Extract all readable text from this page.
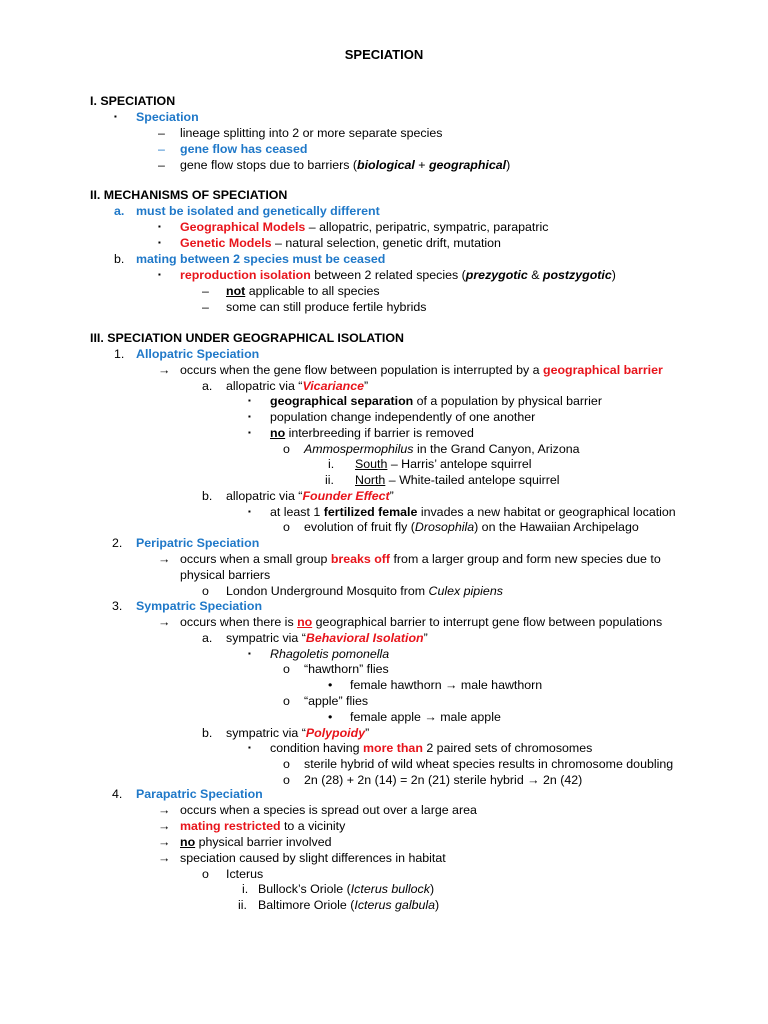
SPECIATION
I. SPECIATION
▪ Speciation
– lineage splitting into 2 or more separate species
– gene flow has ceased
– gene flow stops due to barriers (biological + geographical)
II. MECHANISMS OF SPECIATION
a. must be isolated and genetically different
▪ Geographical Models – allopatric, peripatric, sympatric, parapatric
▪ Genetic Models – natural selection, genetic drift, mutation
b. mating between 2 species must be ceased
▪ reproduction isolation between 2 related species (prezygotic & postzygotic)
– not applicable to all species
– some can still produce fertile hybrids
III. SPECIATION UNDER GEOGRAPHICAL ISOLATION
1. Allopatric Speciation
→ occurs when the gene flow between population is interrupted by a geographical barrier
a. allopatric via “Vicariance”
▪ geographical separation of a population by physical barrier
▪ population change independently of one another
▪ no interbreeding if barrier is removed
o Ammospermophilus in the Grand Canyon, Arizona
i. South – Harris’ antelope squirrel
ii. North – White-tailed antelope squirrel
b. allopatric via “Founder Effect”
▪ at least 1 fertilized female invades a new habitat or geographical location
o evolution of fruit fly (Drosophila) on the Hawaiian Archipelago
2. Peripatric Speciation
→ occurs when a small group breaks off from a larger group and form new species due to
physical barriers
o London Underground Mosquito from Culex pipiens
3. Sympatric Speciation
→ occurs when there is no geographical barrier to interrupt gene flow between populations
a. sympatric via “Behavioral Isolation”
▪ Rhagoletis pomonella
o “hawthorn” flies
• female hawthorn → male hawthorn
o “apple” flies
• female apple → male apple
b. sympatric via “Polypoidy”
▪ condition having more than 2 paired sets of chromosomes
o sterile hybrid of wild wheat species results in chromosome doubling
o 2n (28) + 2n (14) = 2n (21) sterile hybrid → 2n (42)
4. Parapatric Speciation
→ occurs when a species is spread out over a large area
→ mating restricted to a vicinity
→ no physical barrier involved
→ speciation caused by slight differences in habitat
o Icterus
i. Bullock’s Oriole (Icterus bullock)
ii. Baltimore Oriole (Icterus galbula)
